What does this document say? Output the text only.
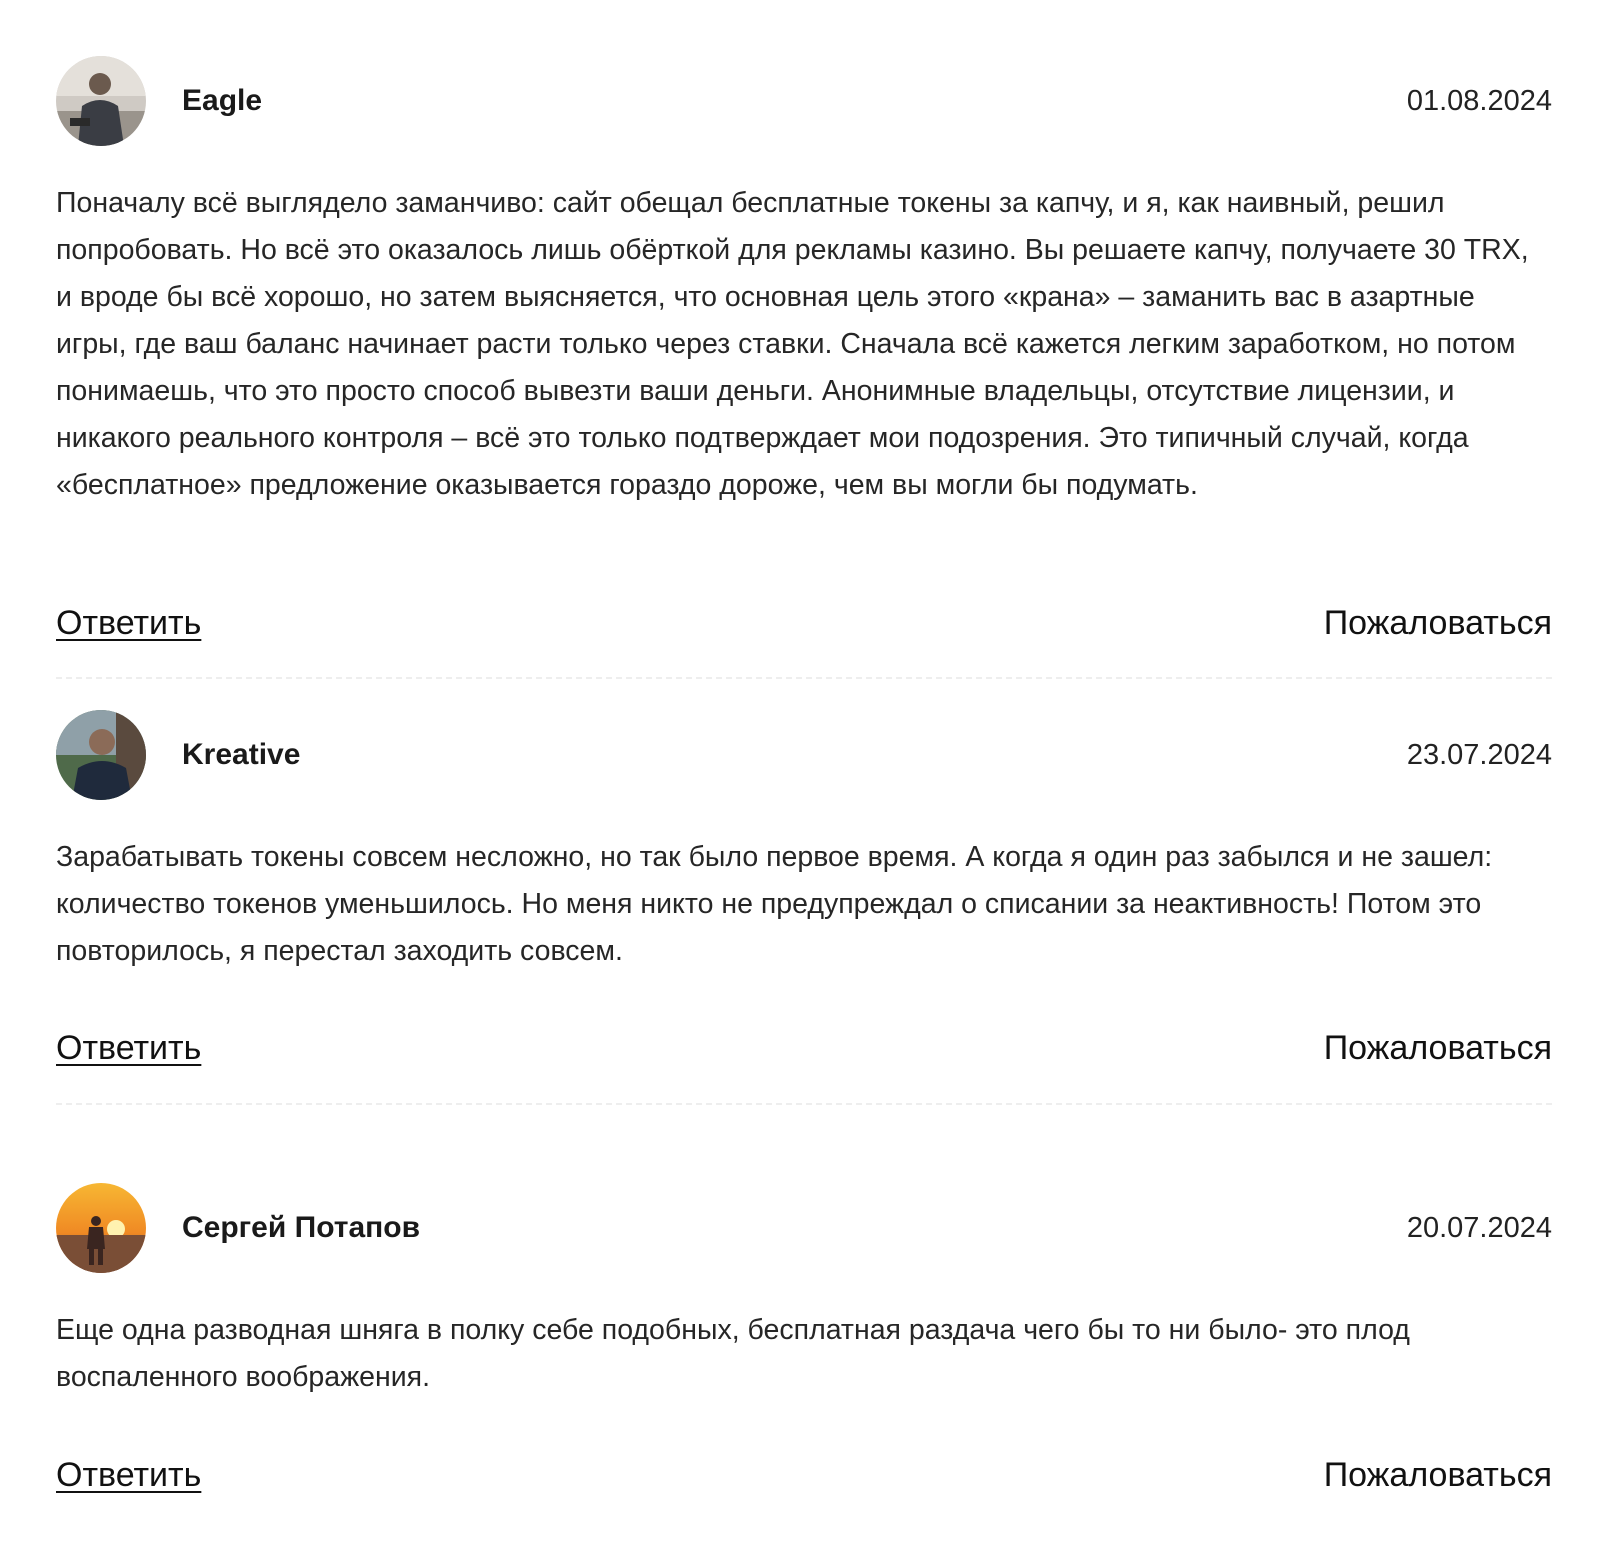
Eagle	01.08.2024

Поначалу всё выглядело заманчиво: сайт обещал бесплатные токены за капчу, и я, как наивный, решил попробовать. Но всё это оказалось лишь обёрткой для рекламы казино. Вы решаете капчу, получаете 30 TRX, и вроде бы всё хорошо, но затем выясняется, что основная цель этого «крана» – заманить вас в азартные игры, где ваш баланс начинает расти только через ставки. Сначала всё кажется легким заработком, но потом понимаешь, что это просто способ вывезти ваши деньги. Анонимные владельцы, отсутствие лицензии, и никакого реального контроля – всё это только подтверждает мои подозрения. Это типичный случай, когда «бесплатное» предложение оказывается гораздо дороже, чем вы могли бы подумать.

Ответить	Пожаловаться
Kreative	23.07.2024

Зарабатывать токены совсем несложно, но так было первое время. А когда я один раз забылся и не зашел: количество токенов уменьшилось. Но меня никто не предупреждал о списании за неактивность! Потом это повторилось, я перестал заходить совсем.

Ответить	Пожаловаться
Сергей Потапов	20.07.2024

Еще одна разводная шняга в полку себе подобных, бесплатная раздача чего бы то ни было- это плод воспаленного воображения.

Ответить	Пожаловаться
